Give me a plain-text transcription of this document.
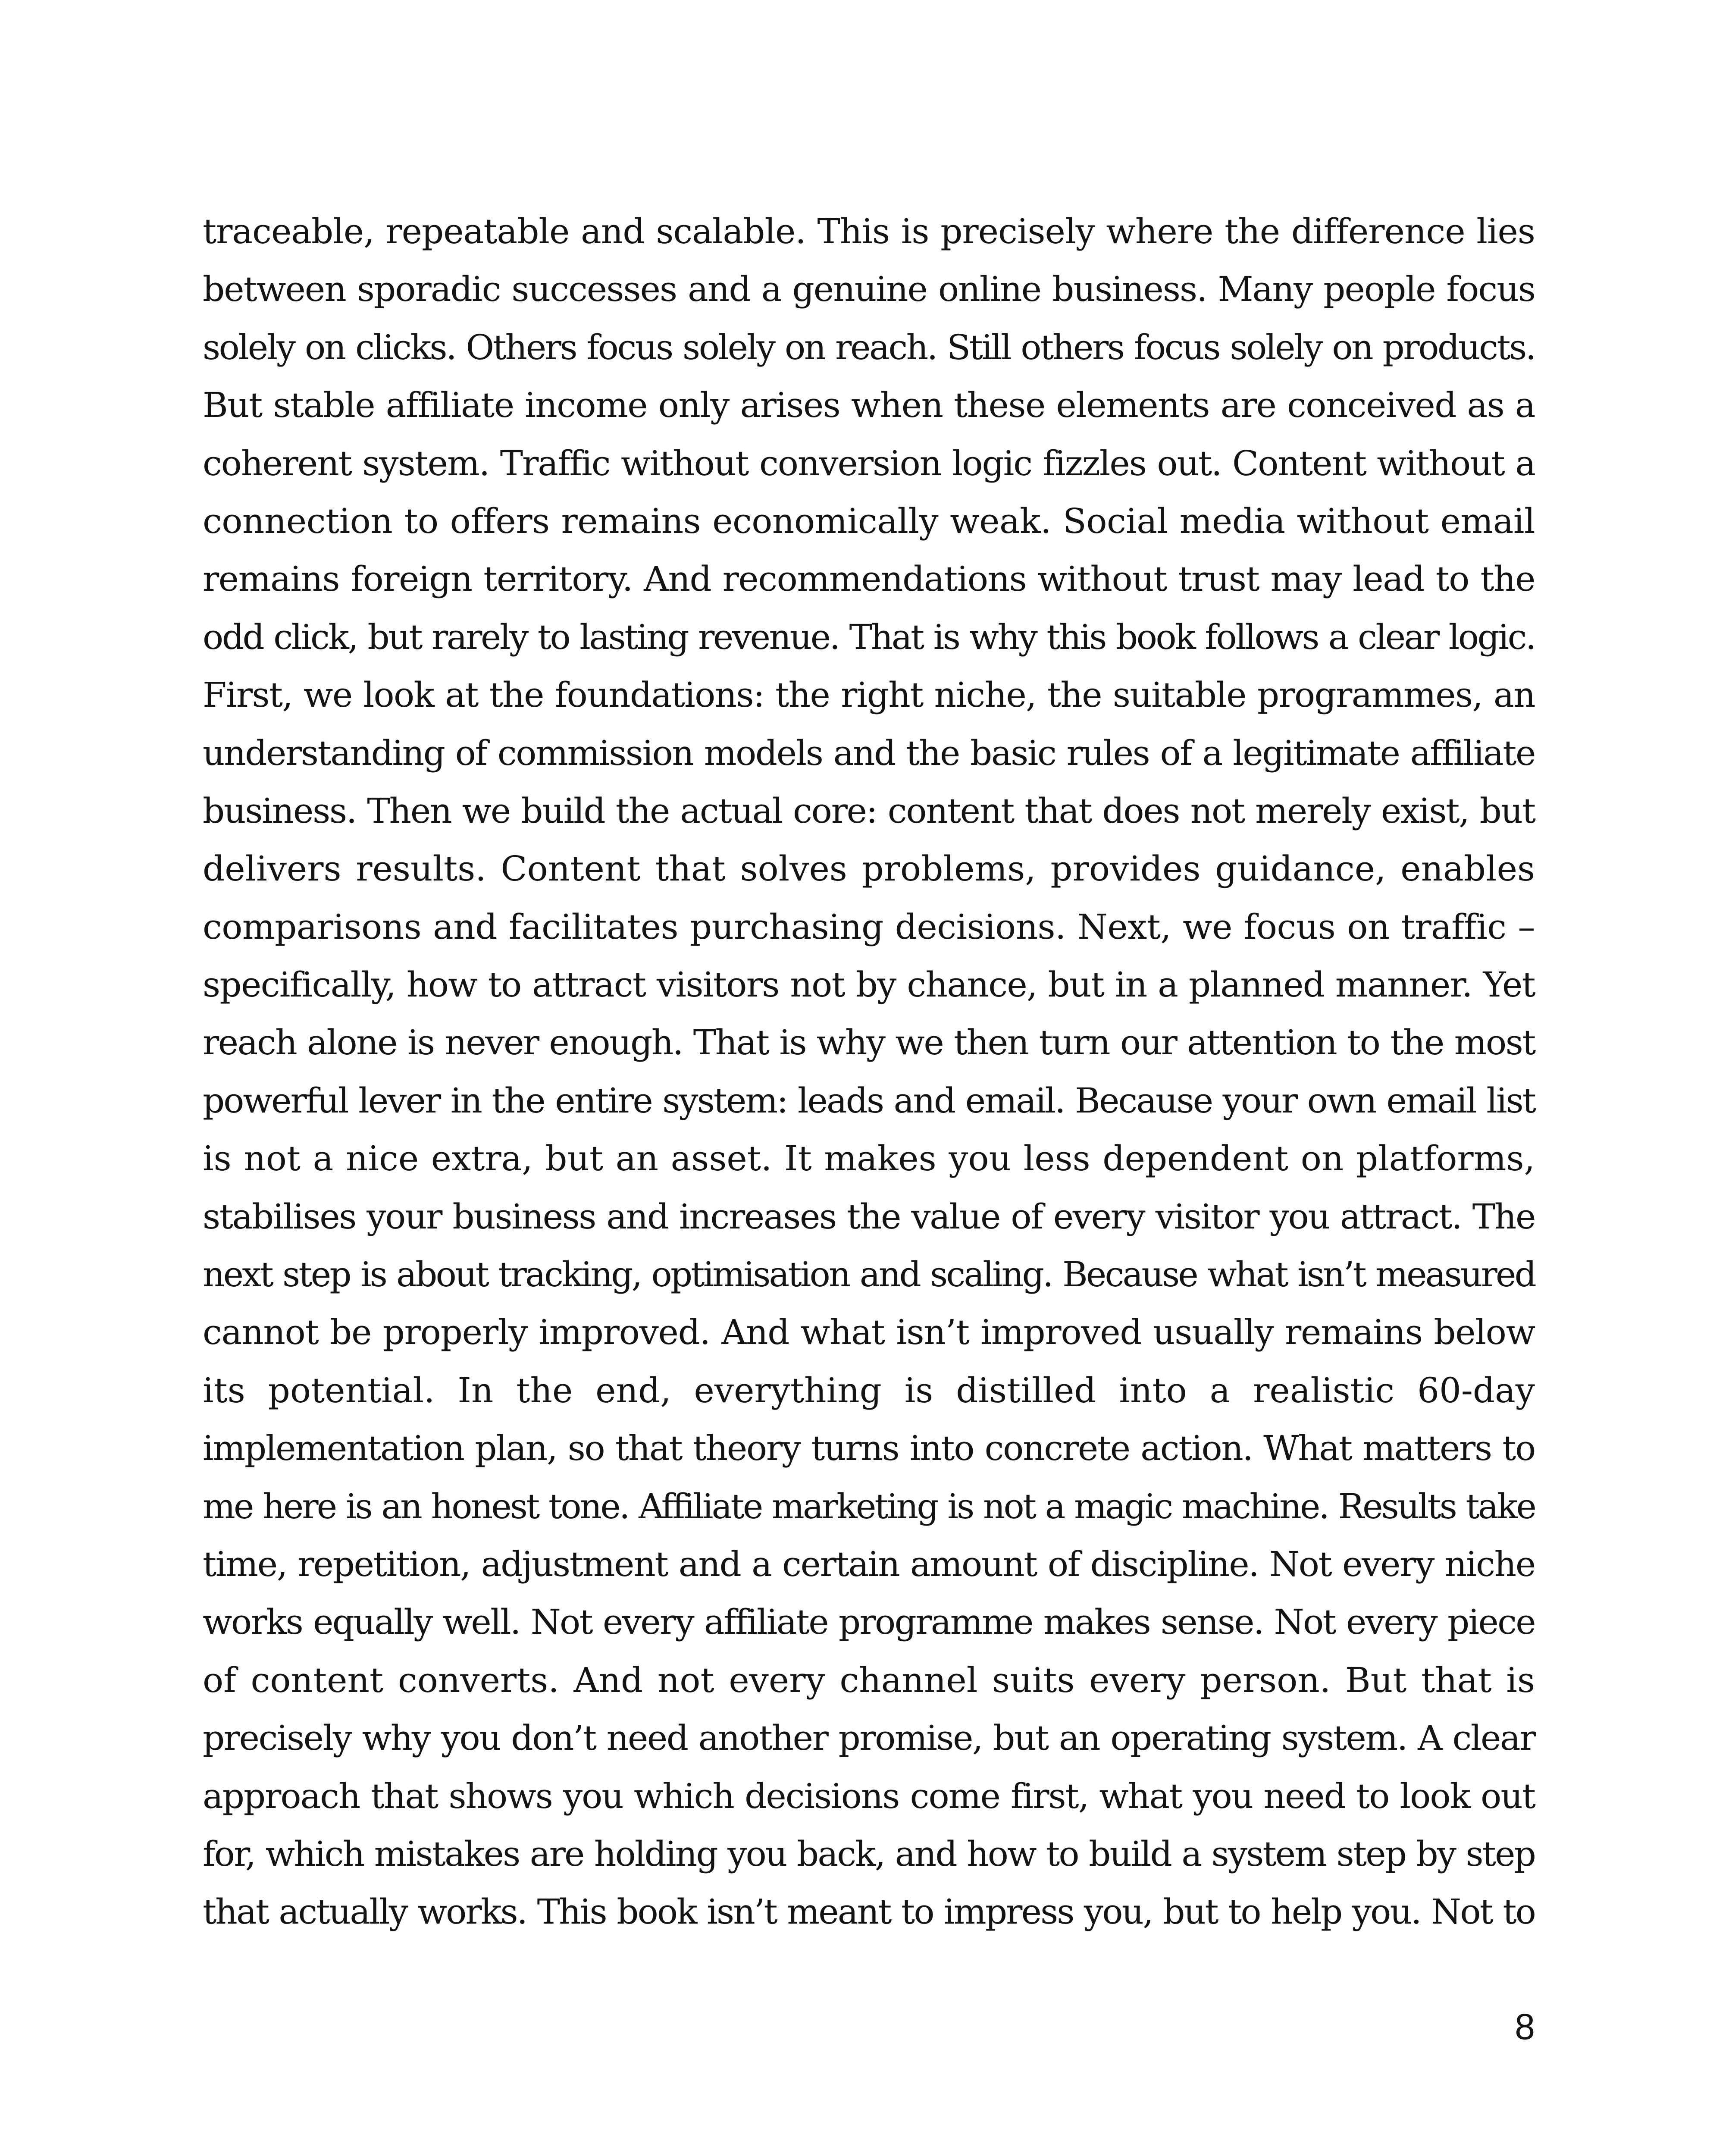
traceable, repeatable and scalable. This is precisely where the difference lies
between sporadic successes and a genuine online business. Many people focus
solely on clicks. Others focus solely on reach. Still others focus solely on products.
But stable affiliate income only arises when these elements are conceived as a
coherent system. Traffic without conversion logic fizzles out. Content without a
connection to offers remains economically weak. Social media without email
remains foreign territory. And recommendations without trust may lead to the
odd click, but rarely to lasting revenue. That is why this book follows a clear logic.
First, we look at the foundations: the right niche, the suitable programmes, an
understanding of commission models and the basic rules of a legitimate affiliate
business. Then we build the actual core: content that does not merely exist, but
delivers results. Content that solves problems, provides guidance, enables
comparisons and facilitates purchasing decisions. Next, we focus on traffic –
specifically, how to attract visitors not by chance, but in a planned manner. Yet
reach alone is never enough. That is why we then turn our attention to the most
powerful lever in the entire system: leads and email. Because your own email list
is not a nice extra, but an asset. It makes you less dependent on platforms,
stabilises your business and increases the value of every visitor you attract. The
next step is about tracking, optimisation and scaling. Because what isn’t measured
cannot be properly improved. And what isn’t improved usually remains below
its potential. In the end, everything is distilled into a realistic 60-day
implementation plan, so that theory turns into concrete action. What matters to
me here is an honest tone. Affiliate marketing is not a magic machine. Results take
time, repetition, adjustment and a certain amount of discipline. Not every niche
works equally well. Not every affiliate programme makes sense. Not every piece
of content converts. And not every channel suits every person. But that is
precisely why you don’t need another promise, but an operating system. A clear
approach that shows you which decisions come first, what you need to look out
for, which mistakes are holding you back, and how to build a system step by step
that actually works. This book isn’t meant to impress you, but to help you. Not to

8
